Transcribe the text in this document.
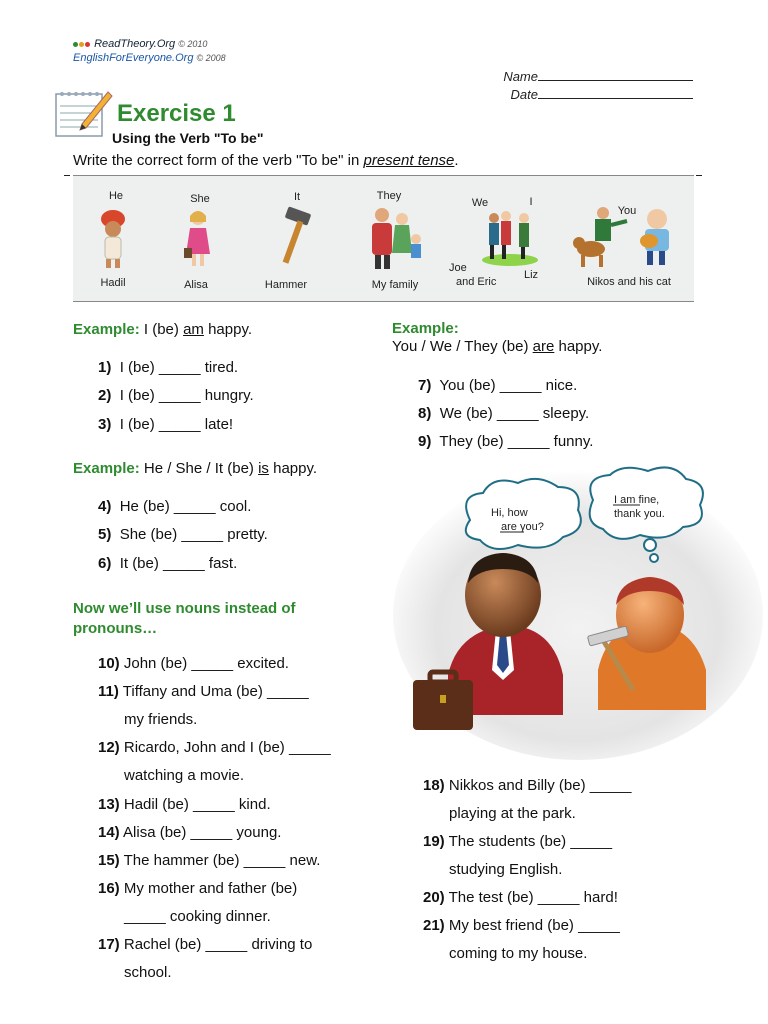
ReadTheory.Org © 2010
EnglishForEveryone.Org © 2008
Name
Date
Exercise 1
Using the Verb "To be"
Write the correct form of the verb "To be" in present tense.
He	She	It	They
We	I
You
Hadil	Alisa	Hammer	My family
Joe
and Eric
Liz
Nikos and his cat
Example: I (be) am happy.
1) I (be) _____ tired.
2) I (be) _____ hungry.
3) I (be) _____ late!
Example: He / She / It (be) is happy.
4) He (be) _____ cool.
5) She (be) _____ pretty.
6) It (be) _____ fast.
Now we’ll use nouns instead of
pronouns…
10) John (be) _____ excited.
11) Tiffany and Uma (be) _____
my friends.
12) Ricardo, John and I (be) _____
watching a movie.
13) Hadil (be) _____ kind.
14) Alisa (be) _____ young.
15) The hammer (be) _____ new.
16) My mother and father (be)
_____ cooking dinner.
17) Rachel (be) _____ driving to
school.
Example:
You / We / They (be) are happy.
7) You (be) _____ nice.
8) We (be) _____ sleepy.
9) They (be) _____ funny.
Hi, how
are you?
I am fine,
thank you.
18) Nikkos and Billy (be) _____
playing at the park.
19) The students (be) _____
studying English.
20) The test (be) _____ hard!
21) My best friend (be) _____
coming to my house.
